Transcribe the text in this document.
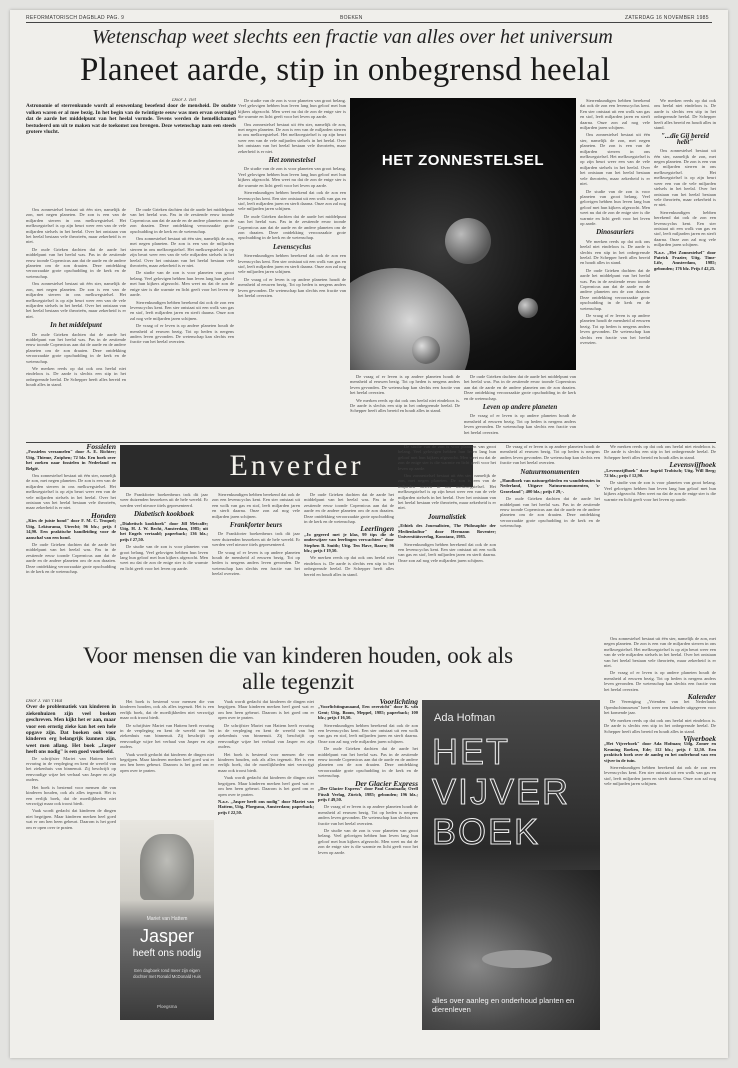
REFORMATORISCH DAGBLAD PAG. 9	BOEKEN	ZATERDAG 16 NOVEMBER 1985
Wetenschap weet slechts een fractie van alles over het universum
Planeet aarde, stip in onbegrensd heelal
Door J. Tiet
Astronomie of sterrenkunde wordt al eeuwenlang beoefend door de mensheid. De oudste volken waren er al mee bezig. In het begin van de twintigste eeuw was men ervan overtuigd dat de aarde het middelpunt van het heelal vormde. Tevens werden de hemellichamen bestudeerd om uit te maken wat de toekomst zou brengen. Deze wetenschap nam een steeds grotere vlucht.

Ons zonnestelsel bestaat uit één ster, namelijk de zon, met negen planeten. De zon is een van de miljarden sterren in ons melkwegstelsel. Het melkwegstelsel is op zijn beurt weer een van de vele miljarden stelsels in het heelal. Over het ontstaan van het heelal bestaan vele theorieën, maar zekerheid is er niet.

De oude Grieken dachten dat de aarde het middelpunt van het heelal was. Pas in de zestiende eeuw toonde Copernicus aan dat de aarde en de andere planeten om de zon draaien. Deze ontdekking veroorzaakte grote opschudding in de kerk en de wetenschap.

Ons zonnestelsel bestaat uit één ster, namelijk de zon, met negen planeten. De zon is een van de miljarden sterren in ons melkwegstelsel. Het melkwegstelsel is op zijn beurt weer een van de vele miljarden stelsels in het heelal. Over het ontstaan van het heelal bestaan vele theorieën, maar zekerheid is er niet.

In het middelpunt

De oude Grieken dachten dat de aarde het middelpunt van het heelal was. Pas in de zestiende eeuw toonde Copernicus aan dat de aarde en de andere planeten om de zon draaien. Deze ontdekking veroorzaakte grote opschudding in de kerk en de wetenschap.

We merken reeds op dat ook ons heelal niet eindeloos is. De aarde is slechts een stip in het onbegrensde heelal. De Schepper heeft alles bereid en houdt alles in stand.

De oude Grieken dachten dat de aarde het middelpunt van het heelal was. Pas in de zestiende eeuw toonde Copernicus aan dat de aarde en de andere planeten om de zon draaien. Deze ontdekking veroorzaakte grote opschudding in de kerk en de wetenschap.

Ons zonnestelsel bestaat uit één ster, namelijk de zon, met negen planeten. De zon is een van de miljarden sterren in ons melkwegstelsel. Het melkwegstelsel is op zijn beurt weer een van de vele miljarden stelsels in het heelal. Over het ontstaan van het heelal bestaan vele theorieën, maar zekerheid is er niet.

De studie van de zon is voor planeten van groot belang. Veel gelovigen hebben hun leven lang hun geloof met hun kijkers afgezocht. Men weet nu dat de zon de enige ster is die warmte en licht geeft voor het leven op aarde.

Sterrenkundigen hebben berekend dat ook de zon een levenscyclus kent. Een ster ontstaat uit een wolk van gas en stof, leeft miljarden jaren en sterft daarna. Onze zon zal nog vele miljarden jaren schijnen.

De vraag of er leven is op andere planeten houdt de mensheid al eeuwen bezig. Tot op heden is nergens anders leven gevonden. De wetenschap kan slechts een fractie van het heelal overzien.

De studie van de zon is voor planeten van groot belang. Veel gelovigen hebben hun leven lang hun geloof met hun kijkers afgezocht. Men weet nu dat de zon de enige ster is die warmte en licht geeft voor het leven op aarde.

Ons zonnestelsel bestaat uit één ster, namelijk de zon, met negen planeten. De zon is een van de miljarden sterren in ons melkwegstelsel. Het melkwegstelsel is op zijn beurt weer een van de vele miljarden stelsels in het heelal. Over het ontstaan van het heelal bestaan vele theorieën, maar zekerheid is er niet.

Het zonnestelsel

De studie van de zon is voor planeten van groot belang. Veel gelovigen hebben hun leven lang hun geloof met hun kijkers afgezocht. Men weet nu dat de zon de enige ster is die warmte en licht geeft voor het leven op aarde.

Sterrenkundigen hebben berekend dat ook de zon een levenscyclus kent. Een ster ontstaat uit een wolk van gas en stof, leeft miljarden jaren en sterft daarna. Onze zon zal nog vele miljarden jaren schijnen.

De oude Grieken dachten dat de aarde het middelpunt van het heelal was. Pas in de zestiende eeuw toonde Copernicus aan dat de aarde en de andere planeten om de zon draaien. Deze ontdekking veroorzaakte grote opschudding in de kerk en de wetenschap.

Levenscyclus

Sterrenkundigen hebben berekend dat ook de zon een levenscyclus kent. Een ster ontstaat uit een wolk van gas en stof, leeft miljarden jaren en sterft daarna. Onze zon zal nog vele miljarden jaren schijnen.

De vraag of er leven is op andere planeten houdt de mensheid al eeuwen bezig. Tot op heden is nergens anders leven gevonden. De wetenschap kan slechts een fractie van het heelal overzien.

HET ZONNESTELSEL

De vraag of er leven is op andere planeten houdt de mensheid al eeuwen bezig. Tot op heden is nergens anders leven gevonden. De wetenschap kan slechts een fractie van het heelal overzien.

We merken reeds op dat ook ons heelal niet eindeloos is. De aarde is slechts een stip in het onbegrensde heelal. De Schepper heeft alles bereid en houdt alles in stand.

De oude Grieken dachten dat de aarde het middelpunt van het heelal was. Pas in de zestiende eeuw toonde Copernicus aan dat de aarde en de andere planeten om de zon draaien. Deze ontdekking veroorzaakte grote opschudding in de kerk en de wetenschap.

Leven op andere planeten

De vraag of er leven is op andere planeten houdt de mensheid al eeuwen bezig. Tot op heden is nergens anders leven gevonden. De wetenschap kan slechts een fractie van het heelal overzien.

Sterrenkundigen hebben berekend dat ook de zon een levenscyclus kent. Een ster ontstaat uit een wolk van gas en stof, leeft miljarden jaren en sterft daarna. Onze zon zal nog vele miljarden jaren schijnen.

Ons zonnestelsel bestaat uit één ster, namelijk de zon, met negen planeten. De zon is een van de miljarden sterren in ons melkwegstelsel. Het melkwegstelsel is op zijn beurt weer een van de vele miljarden stelsels in het heelal. Over het ontstaan van het heelal bestaan vele theorieën, maar zekerheid is er niet.

De studie van de zon is voor planeten van groot belang. Veel gelovigen hebben hun leven lang hun geloof met hun kijkers afgezocht. Men weet nu dat de zon de enige ster is die warmte en licht geeft voor het leven op aarde.

Dinosauriers

We merken reeds op dat ook ons heelal niet eindeloos is. De aarde is slechts een stip in het onbegrensde heelal. De Schepper heeft alles bereid en houdt alles in stand.

De oude Grieken dachten dat de aarde het middelpunt van het heelal was. Pas in de zestiende eeuw toonde Copernicus aan dat de aarde en de andere planeten om de zon draaien. Deze ontdekking veroorzaakte grote opschudding in de kerk en de wetenschap.

De vraag of er leven is op andere planeten houdt de mensheid al eeuwen bezig. Tot op heden is nergens anders leven gevonden. De wetenschap kan slechts een fractie van het heelal overzien.

We merken reeds op dat ook ons heelal niet eindeloos is. De aarde is slechts een stip in het onbegrensde heelal. De Schepper heeft alles bereid en houdt alles in stand.

"...die Gij bereid hebt"

Ons zonnestelsel bestaat uit één ster, namelijk de zon, met negen planeten. De zon is een van de miljarden sterren in ons melkwegstelsel. Het melkwegstelsel is op zijn beurt weer een van de vele miljarden stelsels in het heelal. Over het ontstaan van het heelal bestaan vele theorieën, maar zekerheid is er niet.

Sterrenkundigen hebben berekend dat ook de zon een levenscyclus kent. Een ster ontstaat uit een wolk van gas en stof, leeft miljarden jaren en sterft daarna. Onze zon zal nog vele miljarden jaren schijnen.

N.a.v. „Het Zonnestelsel" door Patrick Frazier, Uitg. Time-Life, Amsterdam, 1985; gebonden; 176 blz. Prijs f 42,25.

Enverder
Fossielen

„Fossielen verzamelen" door A. E. Richter; Uitg. Thieme, Zutphen; 72 blz. Een boek over het zoeken naar fossielen in Nederland en België.

Ons zonnestelsel bestaat uit één ster, namelijk de zon, met negen planeten. De zon is een van de miljarden sterren in ons melkwegstelsel. Het melkwegstelsel is op zijn beurt weer een van de vele miljarden stelsels in het heelal. Over het ontstaan van het heelal bestaan vele theorieën, maar zekerheid is er niet.

Honden

„Kies de juiste hond" door F. M. C. Troquel; Uitg. Lekturama, Utrecht; 96 blz.; prijs f 14,90. Een praktische handleiding voor de aanschaf van een hond.

De oude Grieken dachten dat de aarde het middelpunt van het heelal was. Pas in de zestiende eeuw toonde Copernicus aan dat de aarde en de andere planeten om de zon draaien. Deze ontdekking veroorzaakte grote opschudding in de kerk en de wetenschap.

De Frankforter boekenbeurs trok dit jaar weer duizenden bezoekers uit de hele wereld. Er werden veel nieuwe titels gepresenteerd.

Diabetisch kookboek

„Diabetisch kookboek" door Jill Metcalfe; Uitg. H. J. W. Becht, Amsterdam, 1985; uit het Engels vertaald; paperback; 136 blz.; prijs f 27,50.

De studie van de zon is voor planeten van groot belang. Veel gelovigen hebben hun leven lang hun geloof met hun kijkers afgezocht. Men weet nu dat de zon de enige ster is die warmte en licht geeft voor het leven op aarde.

Sterrenkundigen hebben berekend dat ook de zon een levenscyclus kent. Een ster ontstaat uit een wolk van gas en stof, leeft miljarden jaren en sterft daarna. Onze zon zal nog vele miljarden jaren schijnen.

Frankforter beurs

De Frankforter boekenbeurs trok dit jaar weer duizenden bezoekers uit de hele wereld. Er werden veel nieuwe titels gepresenteerd.

De vraag of er leven is op andere planeten houdt de mensheid al eeuwen bezig. Tot op heden is nergens anders leven gevonden. De wetenschap kan slechts een fractie van het heelal overzien.

De oude Grieken dachten dat de aarde het middelpunt van het heelal was. Pas in de zestiende eeuw toonde Copernicus aan dat de aarde en de andere planeten om de zon draaien. Deze ontdekking veroorzaakte grote opschudding in de kerk en de wetenschap.

Leerlingen

„Jo gegeerd met je klas, 99 tips die de onderwijzer van leerlingen verwachten" door Stephen B. Smith; Uitg. Ten Have, Baarn; 96 blz.; prijs f 19,50.

We merken reeds op dat ook ons heelal niet eindeloos is. De aarde is slechts een stip in het onbegrensde heelal. De Schepper heeft alles bereid en houdt alles in stand.

De studie van de zon is voor planeten van groot belang. Veel gelovigen hebben hun leven lang hun geloof met hun kijkers afgezocht. Men weet nu dat de zon de enige ster is die warmte en licht geeft voor het leven op aarde.

Ons zonnestelsel bestaat uit één ster, namelijk de zon, met negen planeten. De zon is een van de miljarden sterren in ons melkwegstelsel. Het melkwegstelsel is op zijn beurt weer een van de vele miljarden stelsels in het heelal. Over het ontstaan van het heelal bestaan vele theorieën, maar zekerheid is er niet.

Journalistiek

„Ethiek des Journalisten, The Philosophie der Medienkultur" door Hermann Boventer; Universitätsverlag, Konstanz, 1985.

Sterrenkundigen hebben berekend dat ook de zon een levenscyclus kent. Een ster ontstaat uit een wolk van gas en stof, leeft miljarden jaren en sterft daarna. Onze zon zal nog vele miljarden jaren schijnen.

De vraag of er leven is op andere planeten houdt de mensheid al eeuwen bezig. Tot op heden is nergens anders leven gevonden. De wetenschap kan slechts een fractie van het heelal overzien.

Natuurmonumenten

„Handboek van natuurgebieden en wandelroutes in Nederland, Uitgave Natuurmonumenten, 's-Graveland"; 400 blz.; prijs f 29,-.

De oude Grieken dachten dat de aarde het middelpunt van het heelal was. Pas in de zestiende eeuw toonde Copernicus aan dat de aarde en de andere planeten om de zon draaien. Deze ontdekking veroorzaakte grote opschudding in de kerk en de wetenschap.

We merken reeds op dat ook ons heelal niet eindeloos is. De aarde is slechts een stip in het onbegrensde heelal. De Schepper heeft alles bereid en houdt alles in stand.

Levensvijfhoek

„Levensvijfhoek" door Ingrid Trobisch; Uitg. Will Berg; 72 blz.; prijs f 12,90.

De studie van de zon is voor planeten van groot belang. Veel gelovigen hebben hun leven lang hun geloof met hun kijkers afgezocht. Men weet nu dat de zon de enige ster is die warmte en licht geeft voor het leven op aarde.

Voor mensen die van kinderen houden, ook als alle tegenzit
Door J. van 't Hul
Over de problematiek van kinderen in ziekenhuizen zijn veel boeken geschreven. Men kijkt het er aan, maar voor een ernstig zieke kan het een hele opgave zijn. Dat boeken ook voor kinderen erg belangrijk kunnen zijn, weet men allang. Het boek „Jasper heeft ons nodig" is een goed voorbeeld.

De schrijfster Mariet van Hattem heeft ervaring in de verpleging en kent de wereld van het ziekenhuis van binnenuit. Zij beschrijft op eenvoudige wijze het verhaal van Jasper en zijn ouders.

Het boek is bestemd voor mensen die van kinderen houden, ook als alles tegenzit. Het is een eerlijk boek, dat de moeilijkheden niet verzwijgt maar ook troost biedt.

Vaak wordt gedacht dat kinderen de dingen niet begrijpen. Maar kinderen merken heel goed wat er om hen heen gebeurt. Daarom is het goed om er open over te praten.

Het boek is bestemd voor mensen die van kinderen houden, ook als alles tegenzit. Het is een eerlijk boek, dat de moeilijkheden niet verzwijgt maar ook troost biedt.

De schrijfster Mariet van Hattem heeft ervaring in de verpleging en kent de wereld van het ziekenhuis van binnenuit. Zij beschrijft op eenvoudige wijze het verhaal van Jasper en zijn ouders.

Vaak wordt gedacht dat kinderen de dingen niet begrijpen. Maar kinderen merken heel goed wat er om hen heen gebeurt. Daarom is het goed om er open over te praten.

Vaak wordt gedacht dat kinderen de dingen niet begrijpen. Maar kinderen merken heel goed wat er om hen heen gebeurt. Daarom is het goed om er open over te praten.

De schrijfster Mariet van Hattem heeft ervaring in de verpleging en kent de wereld van het ziekenhuis van binnenuit. Zij beschrijft op eenvoudige wijze het verhaal van Jasper en zijn ouders.

Het boek is bestemd voor mensen die van kinderen houden, ook als alles tegenzit. Het is een eerlijk boek, dat de moeilijkheden niet verzwijgt maar ook troost biedt.

Vaak wordt gedacht dat kinderen de dingen niet begrijpen. Maar kinderen merken heel goed wat er om hen heen gebeurt. Daarom is het goed om er open over te praten.

N.a.v. „Jasper heeft ons nodig" door Mariet van Hattem, Uitg. Ploegsma, Amsterdam; paperback; prijs f 22,50.

Mariet van Hattem
Jasper
heeft ons nodig
Een dagboek rond meer zijn eigen dochter met Ronald McDonald Huis
Ploegsma
Voorlichting

„Voorlichtingsmaand, Een overzicht" door K. van Gent; Uitg. Boom, Meppel, 1985; paperback; 100 blz.; prijs f 16,50.

Sterrenkundigen hebben berekend dat ook de zon een levenscyclus kent. Een ster ontstaat uit een wolk van gas en stof, leeft miljarden jaren en sterft daarna. Onze zon zal nog vele miljarden jaren schijnen.

De oude Grieken dachten dat de aarde het middelpunt van het heelal was. Pas in de zestiende eeuw toonde Copernicus aan dat de aarde en de andere planeten om de zon draaien. Deze ontdekking veroorzaakte grote opschudding in de kerk en de wetenschap.

Der Glacier Express

„Der Glacier Express" door Paul Caminada; Orell Füssli Verlag, Zürich, 1985; gebonden; 196 blz.; prijs f 49,50.

De vraag of er leven is op andere planeten houdt de mensheid al eeuwen bezig. Tot op heden is nergens anders leven gevonden. De wetenschap kan slechts een fractie van het heelal overzien.

De studie van de zon is voor planeten van groot belang. Veel gelovigen hebben hun leven lang hun geloof met hun kijkers afgezocht. Men weet nu dat de zon de enige ster is die warmte en licht geeft voor het leven op aarde.

Ada Hofman
HET
VIJVER
BOEK
alles over aanleg en onderhoud planten en dierenleven

Ons zonnestelsel bestaat uit één ster, namelijk de zon, met negen planeten. De zon is een van de miljarden sterren in ons melkwegstelsel. Het melkwegstelsel is op zijn beurt weer een van de vele miljarden stelsels in het heelal. Over het ontstaan van het heelal bestaan vele theorieën, maar zekerheid is er niet.

De vraag of er leven is op andere planeten houdt de mensheid al eeuwen bezig. Tot op heden is nergens anders leven gevonden. De wetenschap kan slechts een fractie van het heelal overzien.

Kalender

De Vereniging „Vrienden van het Nederlands Openluchtmuseum" heeft weer een kalender uitgegeven voor het komende jaar.

We merken reeds op dat ook ons heelal niet eindeloos is. De aarde is slechts een stip in het onbegrensde heelal. De Schepper heeft alles bereid en houdt alles in stand.

Vijverboek

„Het Vijverboek" door Ada Hofman; Uitg. Zomer en Keuning Boeken, Ede; 112 blz.; prijs f 32,50. Een praktisch boek over de aanleg en het onderhoud van een vijver in de tuin.

Sterrenkundigen hebben berekend dat ook de zon een levenscyclus kent. Een ster ontstaat uit een wolk van gas en stof, leeft miljarden jaren en sterft daarna. Onze zon zal nog vele miljarden jaren schijnen.
